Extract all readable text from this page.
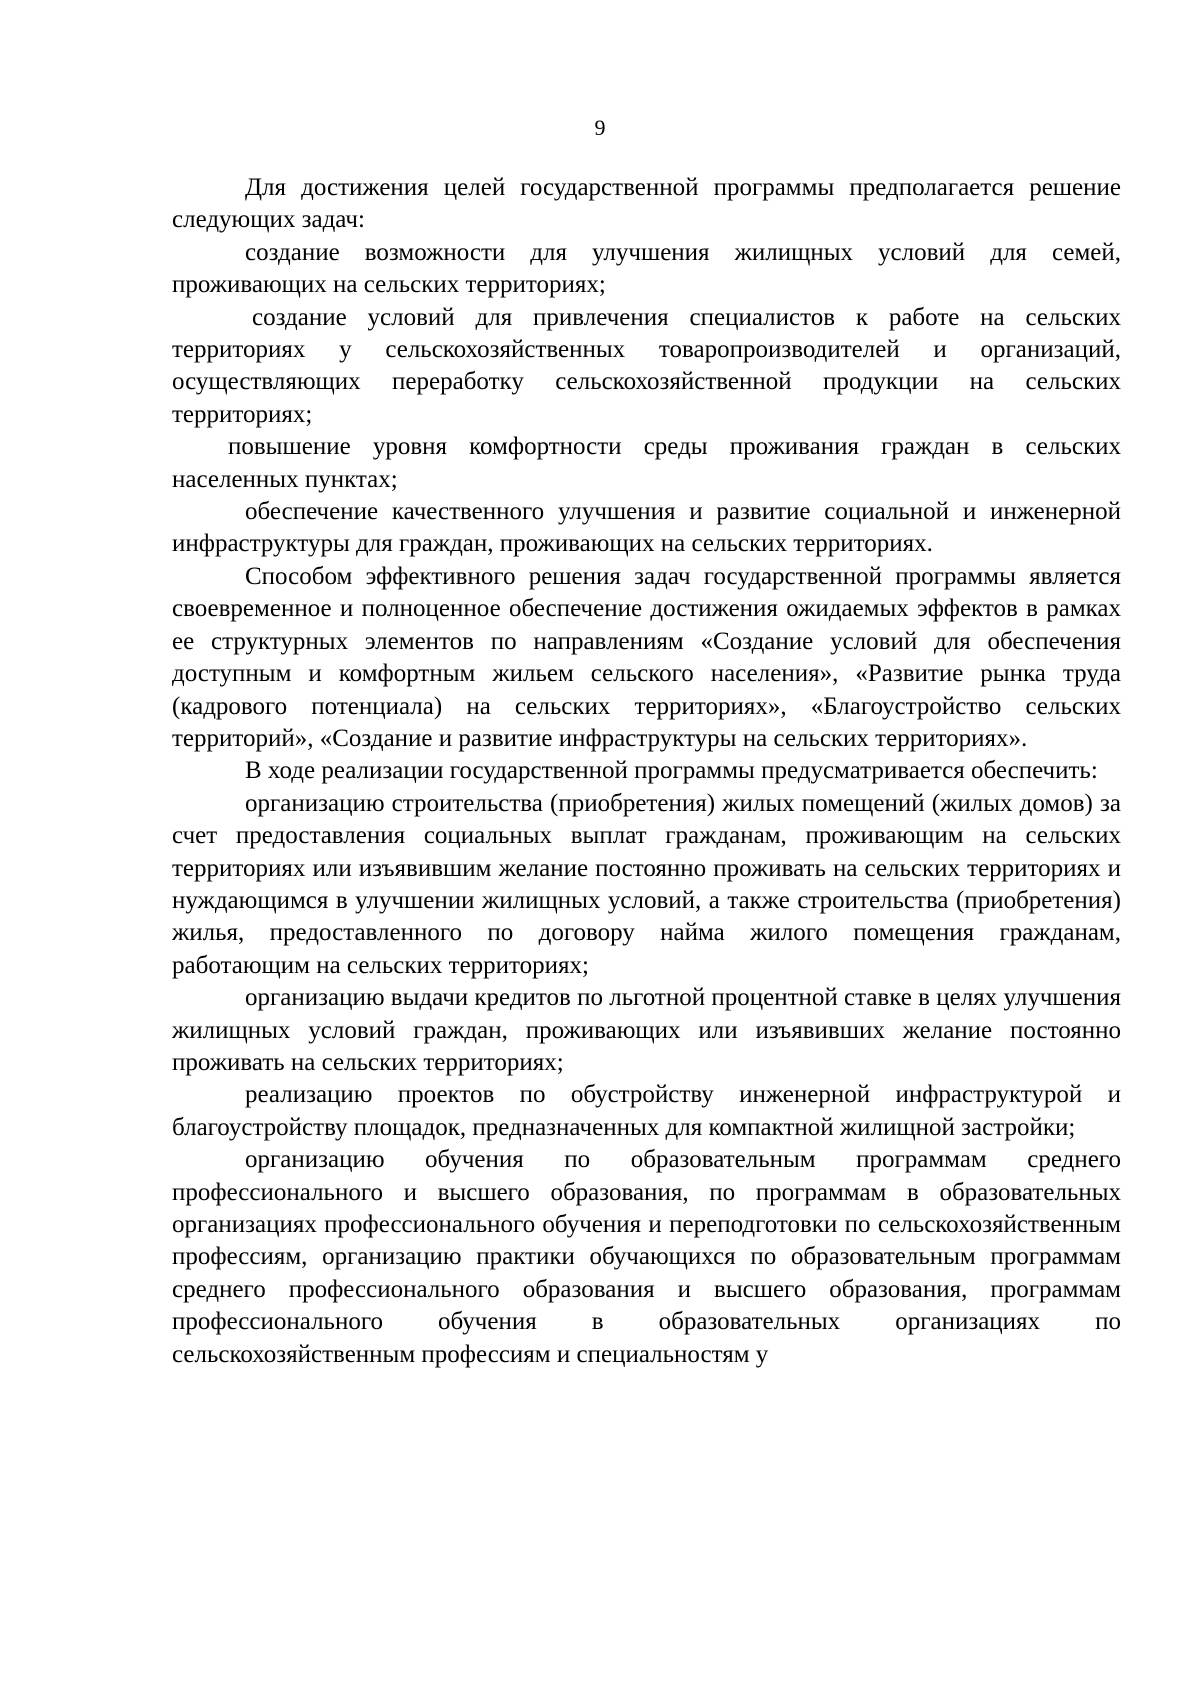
9

Для достижения целей государственной программы предполагается решение следующих задач:

создание возможности для улучшения жилищных условий для семей, проживающих на сельских территориях;

создание условий для привлечения специалистов к работе на сельских территориях у сельскохозяйственных товаропроизводителей и организаций, осуществляющих переработку сельскохозяйственной продукции на сельских территориях;

повышение уровня комфортности среды проживания граждан в сельских населенных пунктах;

обеспечение качественного улучшения и развитие социальной и инженерной инфраструктуры для граждан, проживающих на сельских территориях.

Способом эффективного решения задач государственной программы является своевременное и полноценное обеспечение достижения ожидаемых эффектов в рамках ее структурных элементов по направлениям «Создание условий для обеспечения доступным и комфортным жильем сельского населения», «Развитие рынка труда (кадрового потенциала) на сельских территориях», «Благоустройство сельских территорий», «Создание и развитие инфраструктуры на сельских территориях».

В ходе реализации государственной программы предусматривается обеспечить:

организацию строительства (приобретения) жилых помещений (жилых домов) за счет предоставления социальных выплат гражданам, проживающим на сельских территориях или изъявившим желание постоянно проживать на сельских территориях и нуждающимся в улучшении жилищных условий, а также строительства (приобретения) жилья, предоставленного по договору найма жилого помещения гражданам, работающим на сельских территориях;

организацию выдачи кредитов по льготной процентной ставке в целях улучшения жилищных условий граждан, проживающих или изъявивших желание постоянно проживать на сельских территориях;

реализацию проектов по обустройству инженерной инфраструктурой и благоустройству площадок, предназначенных для компактной жилищной застройки;

организацию обучения по образовательным программам среднего профессионального и высшего образования, по программам в образовательных организациях профессионального обучения и переподготовки по сельскохозяйственным профессиям, организацию практики обучающихся по образовательным программам среднего профессионального образования и высшего образования, программам профессионального обучения в образовательных организациях по сельскохозяйственным профессиям и специальностям у
